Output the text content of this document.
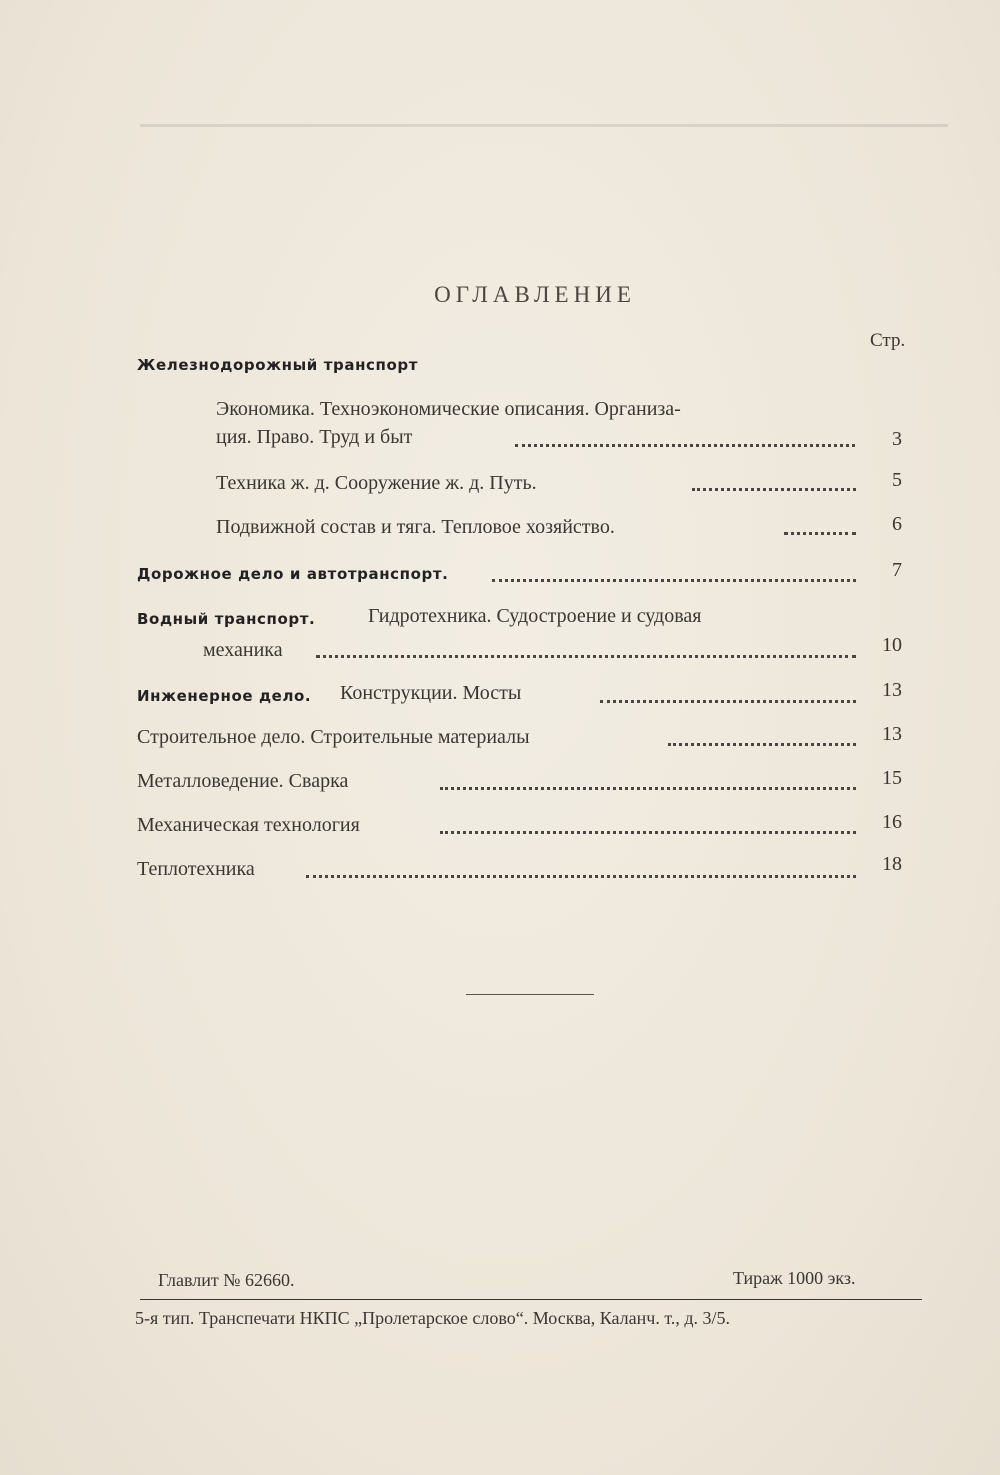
ОГЛАВЛЕНИЕ
Стр.
Железнодорожный транспорт
Экономика. Техноэкономические описания. Организа-
ция. Право. Труд и быт	3
Техника ж. д. Сооружение ж. д. Путь.	5
Подвижной состав и тяга. Тепловое хозяйство.	6
Дорожное дело и автотранспорт.	7
Водный транспорт.	Гидротехника. Судостроение и судовая
механика	10
Инженерное дело. Конструкции. Мосты	13
Строительное дело. Строительные материалы	13
Металловедение. Сварка	15
Механическая технология	16
Теплотехника	18
Главлит № 62660.	Тираж 1000 экз.
5-я тип. Транспечати НКПС „Пролетарское слово“. Москва, Каланч. т., д. 3/5.
